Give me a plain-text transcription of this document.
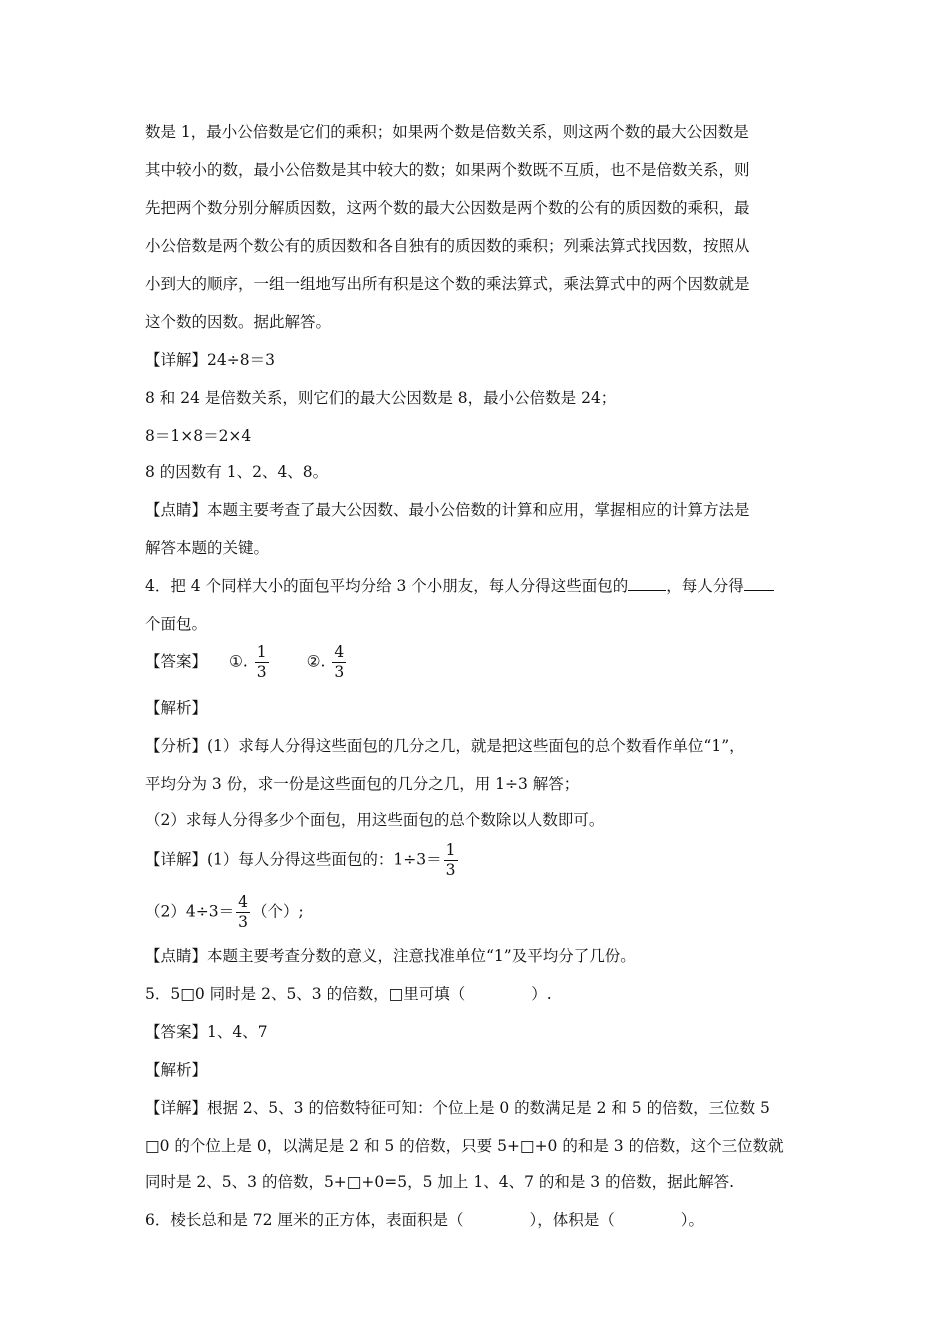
数是 1，最小公倍数是它们的乘积；如果两个数是倍数关系，则这两个数的最大公因数是
其中较小的数，最小公倍数是其中较大的数；如果两个数既不互质，也不是倍数关系，则
先把两个数分别分解质因数，这两个数的最大公因数是两个数的公有的质因数的乘积，最
小公倍数是两个数公有的质因数和各自独有的质因数的乘积；列乘法算式找因数，按照从
小到大的顺序，一组一组地写出所有积是这个数的乘法算式，乘法算式中的两个因数就是
这个数的因数。据此解答。
【详解】24÷8＝3
8 和 24 是倍数关系，则它们的最大公因数是 8，最小公倍数是 24；
8＝1×8＝2×4
8 的因数有 1、2、4、8。
【点睛】本题主要考查了最大公因数、最小公倍数的计算和应用，掌握相应的计算方法是
解答本题的关键。
4．把 4 个同样大小的面包平均分给 3 个小朋友，每人分得这些面包的 ，每人分得
个面包。
【答案】 ①. $\frac{1}{3}$ ②. $\frac{4}{3}$
【解析】
【分析】(1）求每人分得这些面包的几分之几，就是把这些面包的总个数看作单位“1”，
平均分为 3 份，求一份是这些面包的几分之几，用 1÷3 解答；
（2）求每人分得多少个面包，用这些面包的总个数除以人数即可。
【详解】(1）每人分得这些面包的：$1\div 3= \frac{1}{3}$
$(2)4\div 3= \frac{4}{3}$ （个）;
【点睛】本题主要考查分数的意义，注意找准单位“1”及平均分了几份。
5．5□0 同时是 2、5、3 的倍数，□里可填（	）.
【答案】1、4、7
【解析】
【详解】根据 2、5、3 的倍数特征可知：个位上是 0 的数满足是 2 和 5 的倍数，三位数 5
□0 的个位上是 0，以满足是 2 和 5 的倍数，只要 5+□+0 的和是 3 的倍数，这个三位数就
同时是 2、5、3 的倍数，5+□+0=5，5 加上 1、4、7 的和是 3 的倍数，据此解答.
6．棱长总和是 72 厘米的正方体，表面积是（	），体积是（	）。
